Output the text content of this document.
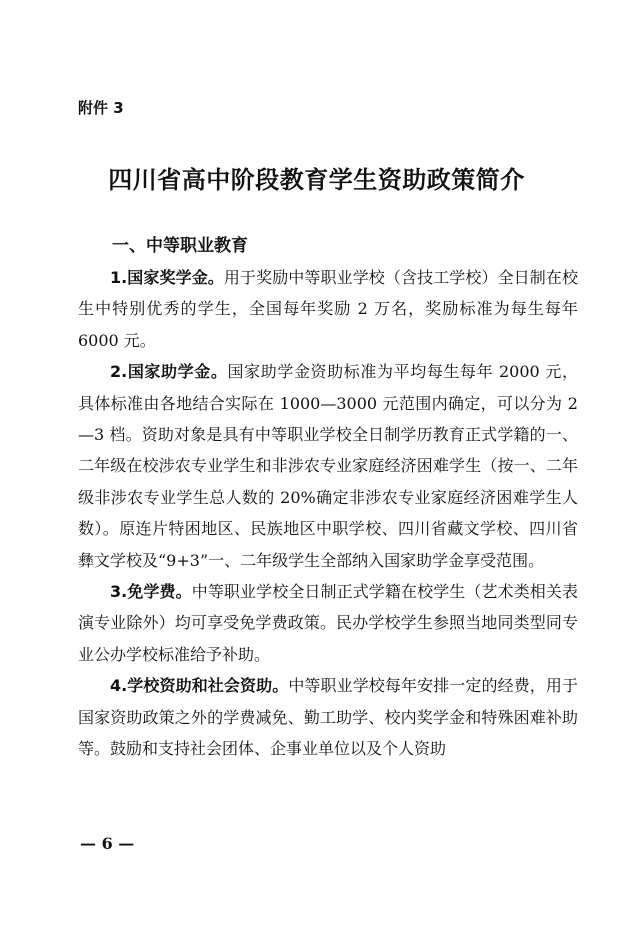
附件 3
四川省高中阶段教育学生资助政策简介
一、中等职业教育

1.国家奖学金。用于奖励中等职业学校（含技工学校）全日制在校生中特别优秀的学生，全国每年奖励 2 万名，奖励标准为每生每年 6000 元。

2.国家助学金。国家助学金资助标准为平均每生每年 2000 元，具体标准由各地结合实际在 1000—3000 元范围内确定，可以分为 2—3 档。资助对象是具有中等职业学校全日制学历教育正式学籍的一、二年级在校涉农专业学生和非涉农专业家庭经济困难学生（按一、二年级非涉农专业学生总人数的 20%确定非涉农专业家庭经济困难学生人数）。原连片特困地区、民族地区中职学校、四川省藏文学校、四川省彝文学校及“9+3”一、二年级学生全部纳入国家助学金享受范围。

3.免学费。中等职业学校全日制正式学籍在校学生（艺术类相关表演专业除外）均可享受免学费政策。民办学校学生参照当地同类型同专业公办学校标准给予补助。

4.学校资助和社会资助。中等职业学校每年安排一定的经费，用于国家资助政策之外的学费减免、勤工助学、校内奖学金和特殊困难补助等。鼓励和支持社会团体、企事业单位以及个人资助

— 6 —
